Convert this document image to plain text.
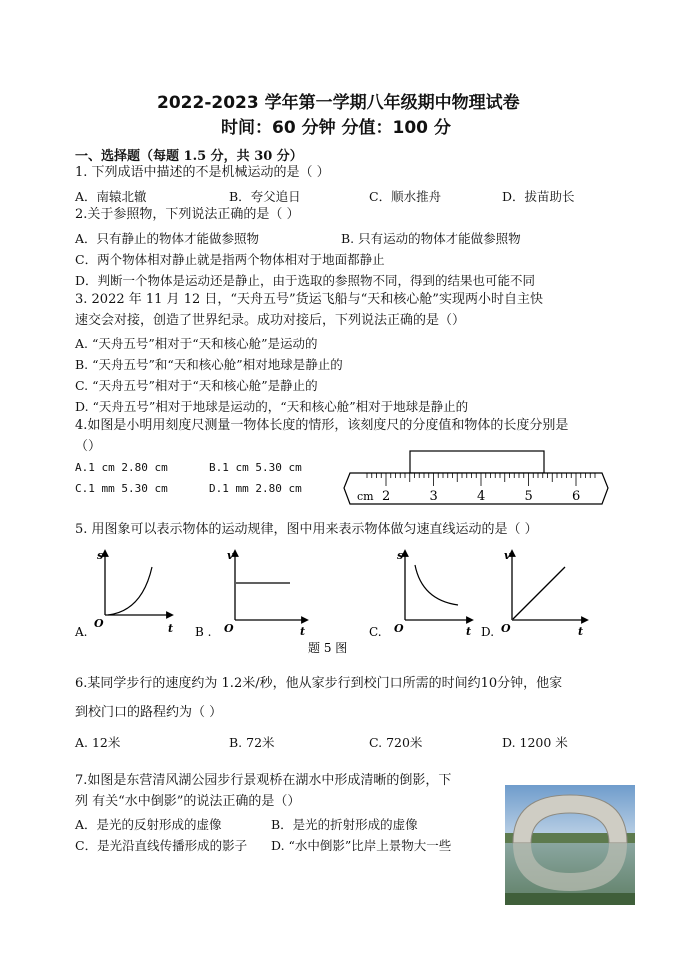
2022-2023 学年第一学期八年级期中物理试卷
时间：60 分钟 分值：100 分
一、选择题（每题 1.5 分，共 30 分）
1. 下列成语中描述的不是机械运动的是（ ）
A．南辕北辙	B．夸父追日	C．顺水推舟	D．拔苗助长
2.关于参照物，下列说法正确的是（ ）
A．只有静止的物体才能做参照物	B. 只有运动的物体才能做参照物
C．两个物体相对静止就是指两个物体相对于地面都静止
D．判断一个物体是运动还是静止，由于选取的参照物不同，得到的结果也可能不同
3. 2022 年 11 月 12 日，“天舟五号”货运飞船与“天和核心舱”实现两小时自主快
速交会对接，创造了世界纪录。成功对接后，下列说法正确的是（）
A. “天舟五号”相对于“天和核心舱”是运动的
B. “天舟五号”和“天和核心舱”相对地球是静止的
C. “天舟五号”相对于“天和核心舱”是静止的
D. “天舟五号”相对于地球是运动的，“天和核心舱”相对于地球是静止的
4.如图是小明用刻度尺测量一物体长度的情形，该刻度尺的分度值和物体的长度分别是
（）
A.1 cm 2.80 cm	B.1 cm 5.30 cm
C.1 mm 5.30 cm	D.1 mm 2.80 cm
cm 2	3	4	5	6
5. 用图象可以表示物体的运动规律，图中用来表示物体做匀速直线运动的是（ ）
s
O	t
A.
v
O	t
B .
s
O	t
C.
v
O	t
D.
题 5 图
6.某同学步行的速度约为 1.2米/秒，他从家步行到校门口所需的时间约10分钟，他家
到校门口的路程约为（ ）
A. 12米	B. 72米	C. 720米	D. 1200 米
7.如图是东营清风湖公园步行景观桥在湖水中形成清晰的倒影，下
列 有关“水中倒影”的说法正确的是（）
A．是光的反射形成的虚像	B．是光的折射形成的虚像
C．是光沿直线传播形成的影子 D. “水中倒影”比岸上景物大一些
